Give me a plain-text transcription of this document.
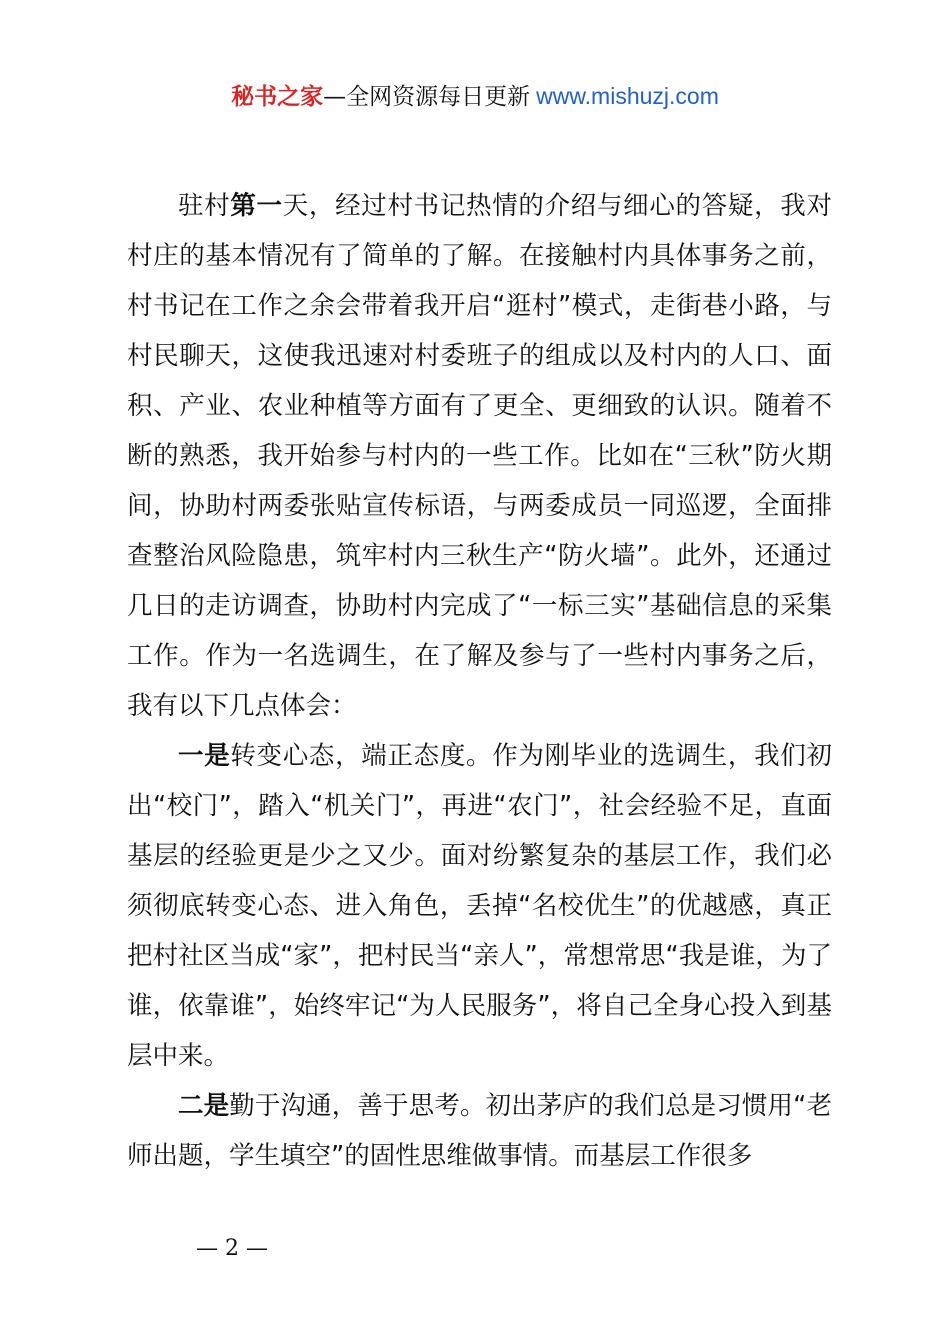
秘书之家—全网资源每日更新 www.mishuzj.com

驻村第一天，经过村书记热情的介绍与细心的答疑，我对村庄的基本情况有了简单的了解。在接触村内具体事务之前，村书记在工作之余会带着我开启“逛村”模式，走街巷小路，与村民聊天，这使我迅速对村委班子的组成以及村内的人口、面积、产业、农业种植等方面有了更全、更细致的认识。随着不断的熟悉，我开始参与村内的一些工作。比如在“三秋”防火期间，协助村两委张贴宣传标语，与两委成员一同巡逻，全面排查整治风险隐患，筑牢村内三秋生产“防火墙”。此外，还通过几日的走访调查，协助村内完成了“一标三实”基础信息的采集工作。作为一名选调生，在了解及参与了一些村内事务之后，我有以下几点体会：

一是转变心态，端正态度。作为刚毕业的选调生，我们初出“校门”，踏入“机关门”，再进“农门”，社会经验不足，直面基层的经验更是少之又少。面对纷繁复杂的基层工作，我们必须彻底转变心态、进入角色，丢掉“名校优生”的优越感，真正把村社区当成“家”，把村民当“亲人”，常想常思“我是谁，为了谁，依靠谁”，始终牢记“为人民服务”，将自己全身心投入到基层中来。

二是勤于沟通，善于思考。初出茅庐的我们总是习惯用“老师出题，学生填空”的固性思维做事情。而基层工作很多

— 2 —
